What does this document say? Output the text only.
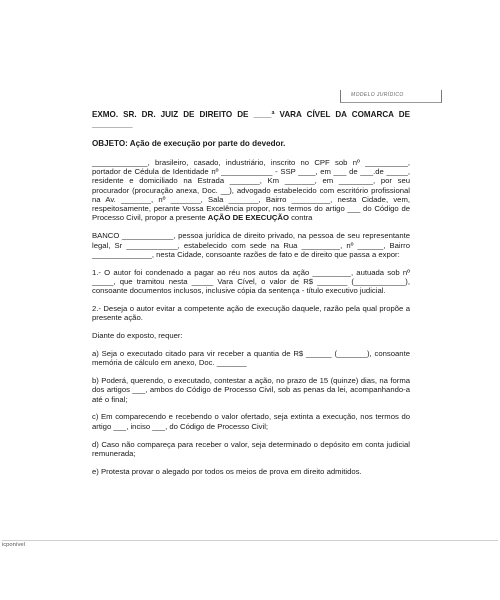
MODELO JURÍDICO
EXMO. SR. DR. JUIZ DE DIREITO DE ____ª VARA CÍVEL DA COMARCA DE _________
OBJETO: Ação de execução por parte do devedor.

_____________, brasileiro, casado, industriário, inscrito no CPF sob nº __________, portador de Cédula de Identidade nº ____________ - SSP ____, em ___ de ___.de _____, residente e domiciliado na Estrada _______, Km _______, em ________, por seu procurador (procuração anexa, Doc. __), advogado estabelecido com escritório profissional na Av. _______, nº _______, Sala _______, Bairro _________, nesta Cidade, vem, respeitosamente, perante Vossa Excelência propor, nos termos do artigo ___ do Código de Processo Civil, propor a presente AÇÃO DE EXECUÇÃO contra

BANCO ____________, pessoa jurídica de direito privado, na pessoa de seu representante legal, Sr ____________, estabelecido com sede na Rua _________, nº ______, Bairro ______________, nesta Cidade, consoante razões de fato e de direito que passa a expor:

1.- O autor foi condenado a pagar ao réu nos autos da ação _________, autuada sob nº _____, que tramitou nesta _____ Vara Cível, o valor de R$ _______ (____________), consoante documentos inclusos, inclusive cópia da sentença - título executivo judicial.

2.- Deseja o autor evitar a competente ação de execução daquele, razão pela qual propõe a presente ação.

Diante do exposto, requer:

a) Seja o executado citado para vir receber a quantia de R$ ______ (_______), consoante memória de cálculo em anexo, Doc. _______

b) Poderá, querendo, o executado, contestar a ação, no prazo de 15 (quinze) dias, na forma dos artigos ___, ambos do Código de Processo Civil, sob as penas da lei, acompanhando-a até o final;

c) Em comparecendo e recebendo o valor ofertado, seja extinta a execução, nos termos do artigo ___, inciso ___, do Código de Processo Civil;

d) Caso não compareça para receber o valor, seja determinado o depósito em conta judicial remunerada;

e) Protesta provar o alegado por todos os meios de prova em direito admitidos.

icponível
